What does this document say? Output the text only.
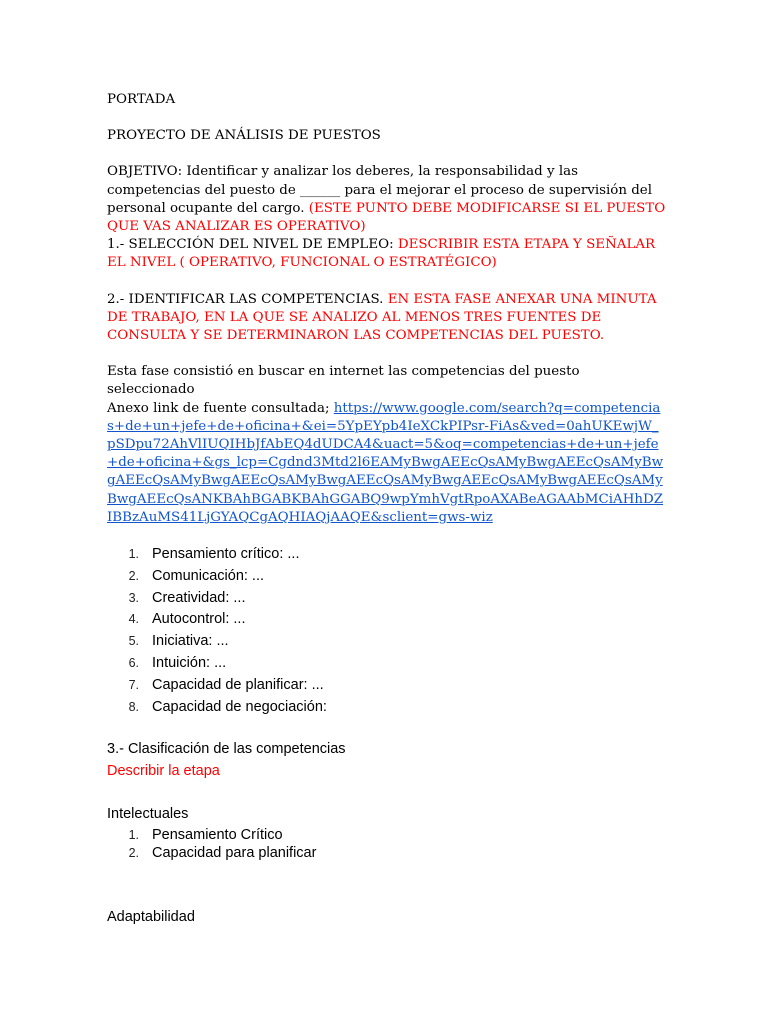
PORTADA

PROYECTO DE ANÁLISIS DE PUESTOS

OBJETIVO: Identificar y analizar los deberes, la responsabilidad y las competencias del puesto de ______ para el mejorar el proceso de supervisión del personal ocupante del cargo. (ESTE PUNTO DEBE MODIFICARSE SI EL PUESTO QUE VAS ANALIZAR ES OPERATIVO)

1.- SELECCIÓN DEL NIVEL DE EMPLEO: DESCRIBIR ESTA ETAPA Y SEÑALAR EL NIVEL ( OPERATIVO, FUNCIONAL O ESTRATÉGICO)

2.- IDENTIFICAR LAS COMPETENCIAS. EN ESTA FASE ANEXAR UNA MINUTA DE TRABAJO, EN LA QUE SE ANALIZO AL MENOS TRES FUENTES DE CONSULTA Y SE DETERMINARON LAS COMPETENCIAS DEL PUESTO.

Esta fase consistió en buscar en internet las competencias del puesto seleccionado

Anexo link de fuente consultada; https://www.google.com/search?q=competencias+de+un+jefe+de+oficina+&ei=5YpEYpb4IeXCkPIPsr-FiAs&ved=0ahUKEwjW_pSDpu72AhVlIUQIHbJfAbEQ4dUDCA4&uact=5&oq=competencias+de+un+jefe+de+oficina+&gs_lcp=Cgdnd3Mtd2l6EAMyBwgAEEcQsAMyBwgAEEcQsAMyBwgAEEcQsAMyBwgAEEcQsAMyBwgAEEcQsAMyBwgAEEcQsAMyBwgAEEcQsAMyBwgAEEcQsANKBAhBGABKBAhGGABQ9wpYmhVgtRpoAXABeAGAAbMCiAHhDZIBBzAuMS41LjGYAQCgAQHIAQjAAQE&sclient=gws-wiz

1. Pensamiento crítico: ...
2. Comunicación: ...
3. Creatividad: ...
4. Autocontrol: ...
5. Iniciativa: ...
6. Intuición: ...
7. Capacidad de planificar: ...
8. Capacidad de negociación:

3.- Clasificación de las competencias

Describir la etapa

Intelectuales

1. Pensamiento Crítico
2. Capacidad para planificar

Adaptabilidad
